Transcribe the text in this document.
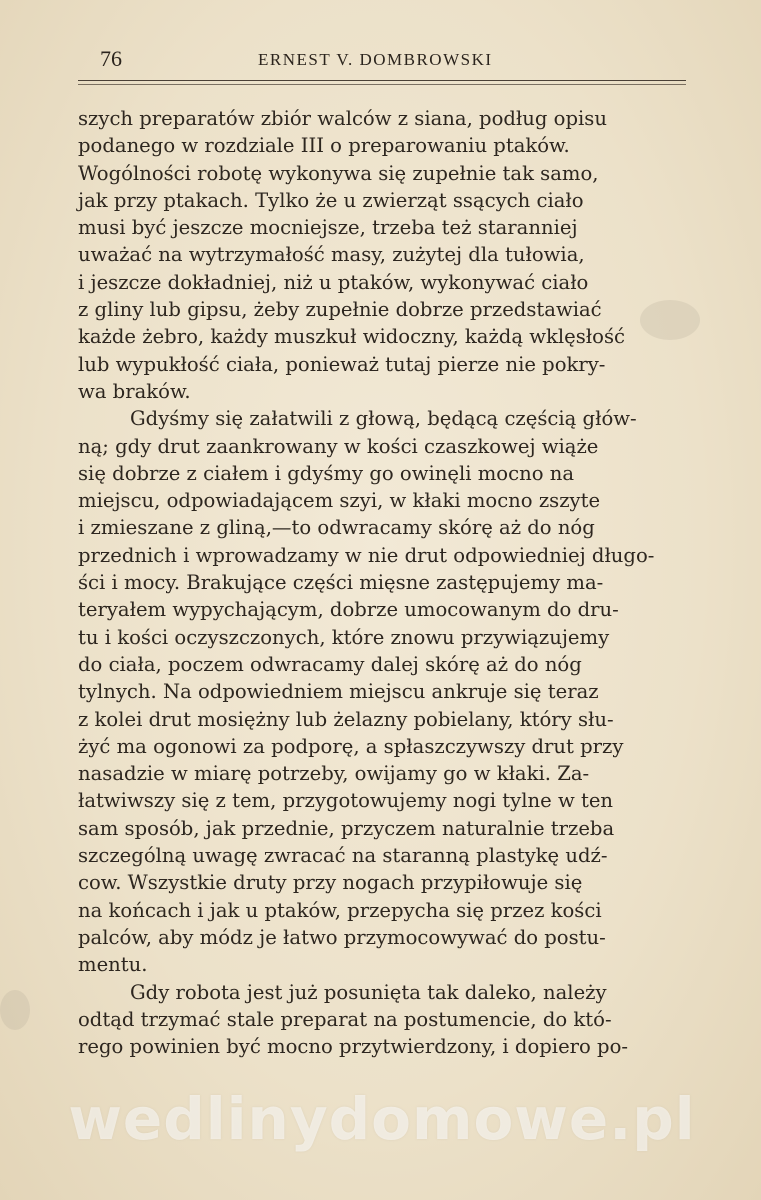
76	ERNEST V. DOMBROWSKI

szych preparatów zbiór walców z siana, podług opisu
podanego w rozdziale III o preparowaniu ptaków.
Wogólności robotę wykonywa się zupełnie tak samo,
jak przy ptakach. Tylko że u zwierząt ssących ciało
musi być jeszcze mocniejsze, trzeba też staranniej
uważać na wytrzymałość masy, zużytej dla tułowia,
i jeszcze dokładniej, niż u ptaków, wykonywać ciało
z gliny lub gipsu, żeby zupełnie dobrze przedstawiać
każde żebro, każdy muszkuł widoczny, każdą wklęsłość
lub wypukłość ciała, ponieważ tutaj pierze nie pokry-
wa braków.

Gdyśmy się załatwili z głową, będącą częścią głów-
ną; gdy drut zaankrowany w kości czaszkowej wiąże
się dobrze z ciałem i gdyśmy go owinęli mocno na
miejscu, odpowiadającem szyi, w kłaki mocno zszyte
i zmieszane z gliną,—to odwracamy skórę aż do nóg
przednich i wprowadzamy w nie drut odpowiedniej długo-
ści i mocy. Brakujące części mięsne zastępujemy ma-
teryałem wypychającym, dobrze umocowanym do dru-
tu i kości oczyszczonych, które znowu przywiązujemy
do ciała, poczem odwracamy dalej skórę aż do nóg
tylnych. Na odpowiedniem miejscu ankruje się teraz
z kolei drut mosiężny lub żelazny pobielany, który słu-
żyć ma ogonowi za podporę, a spłaszczywszy drut przy
nasadzie w miarę potrzeby, owijamy go w kłaki. Za-
łatwiwszy się z tem, przygotowujemy nogi tylne w ten
sam sposób, jak przednie, przyczem naturalnie trzeba
szczególną uwagę zwracać na staranną plastykę udź-
cow. Wszystkie druty przy nogach przypiłowuje się
na końcach i jak u ptaków, przepycha się przez kości
palców, aby módz je łatwo przymocowywać do postu-
mentu.

Gdy robota jest już posunięta tak daleko, należy
odtąd trzymać stale preparat na postumencie, do któ-
rego powinien być mocno przytwierdzony, i dopiero po-

wedlinydomowe.pl
